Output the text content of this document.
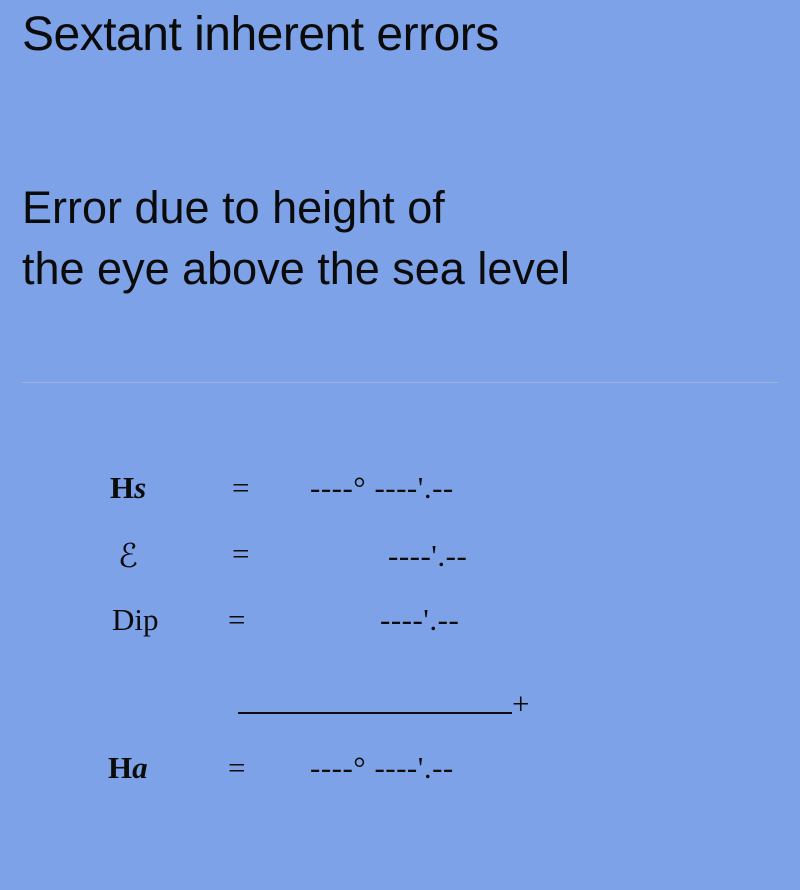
Sextant inherent errors
Error due to height of
the eye above the sea level
Hs	= ----° ----'.--
ℰ	=	----'.--
Dip	=	----'.--
+
Ha	= ----° ----'.--
